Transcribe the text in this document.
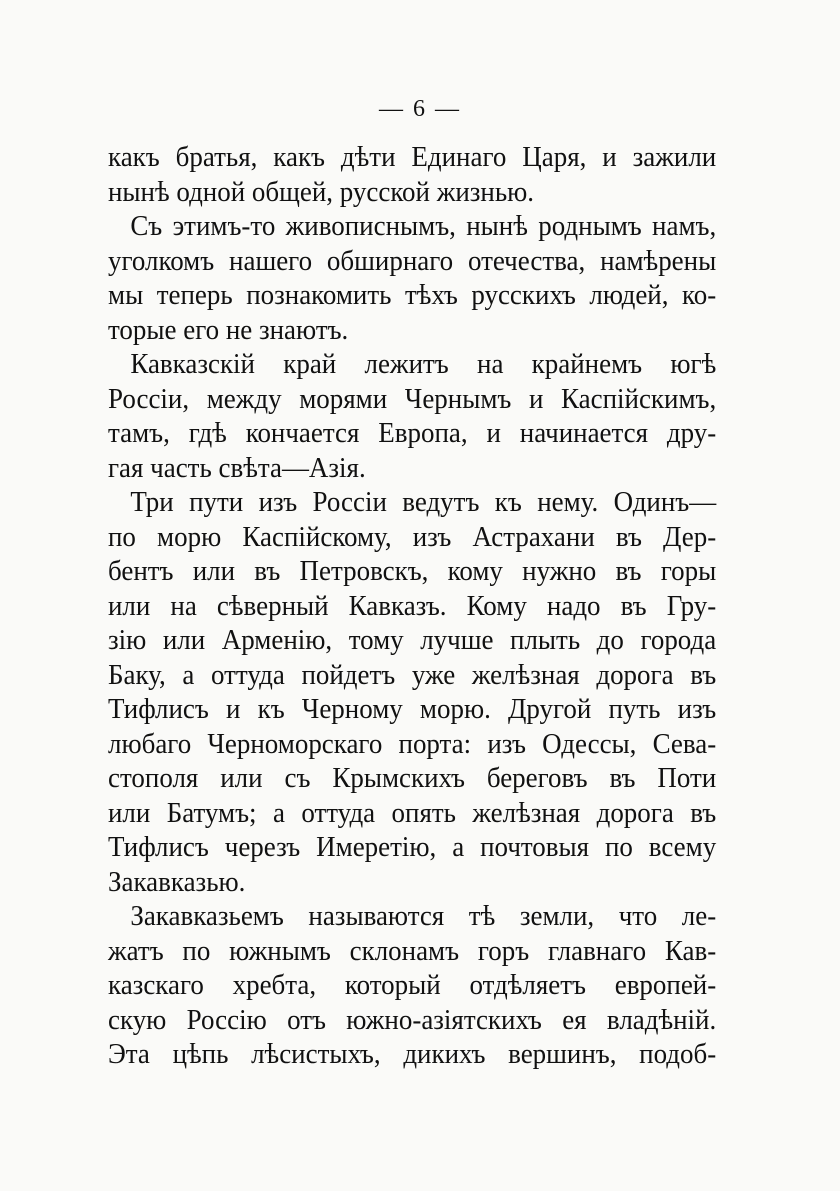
— 6 —
какъ братья, какъ дѣти Единаго Царя, и зажили
нынѣ одной общей, русской жизнью.
Съ этимъ-то живописнымъ, нынѣ роднымъ намъ,
уголкомъ нашего обширнаго отечества, намѣрены
мы теперь познакомить тѣхъ русскихъ людей, ко-
торые его не знаютъ.
Кавказскій край лежитъ на крайнемъ югѣ
Россіи, между морями Чернымъ и Каспійскимъ,
тамъ, гдѣ кончается Европа, и начинается дру-
гая часть свѣта—Азія.
Три пути изъ Россіи ведутъ къ нему. Одинъ—
по морю Каспійскому, изъ Астрахани въ Дер-
бентъ или въ Петровскъ, кому нужно въ горы
или на сѣверный Кавказъ. Кому надо въ Гру-
зію или Арменію, тому лучше плыть до города
Баку, а оттуда пойдетъ уже желѣзная дорога въ
Тифлисъ и къ Черному морю. Другой путь изъ
любаго Черноморскаго порта: изъ Одессы, Сева-
стополя или съ Крымскихъ береговъ въ Поти
или Батумъ; а оттуда опять желѣзная дорога въ
Тифлисъ черезъ Имеретію, а почтовыя по всему
Закавказью.
Закавказьемъ называются тѣ земли, что ле-
жатъ по южнымъ склонамъ горъ главнаго Кав-
казскаго хребта, который отдѣляетъ европей-
скую Россію отъ южно-азіятскихъ ея владѣній.
Эта цѣпь лѣсистыхъ, дикихъ вершинъ, подоб-
